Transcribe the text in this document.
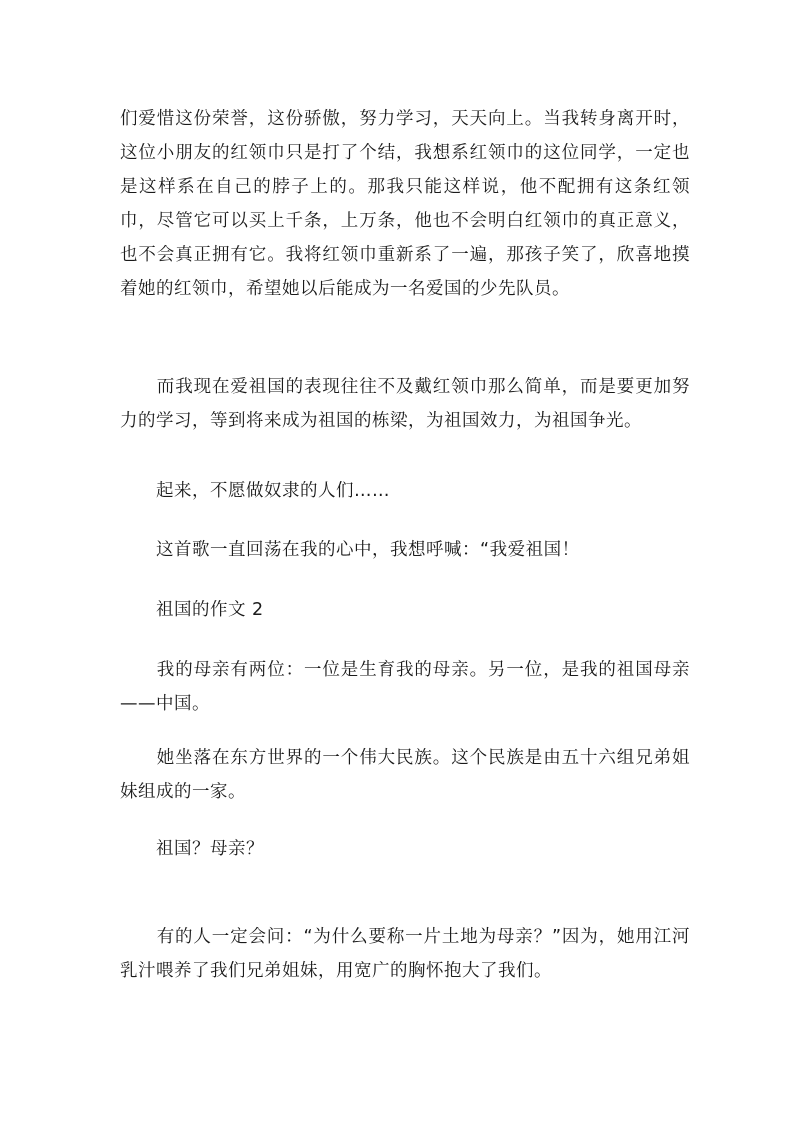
们爱惜这份荣誉，这份骄傲，努力学习，天天向上。当我转身离开时，这位小朋友的红领巾只是打了个结，我想系红领巾的这位同学，一定也是这样系在自己的脖子上的。那我只能这样说，他不配拥有这条红领巾，尽管它可以买上千条，上万条，他也不会明白红领巾的真正意义，也不会真正拥有它。我将红领巾重新系了一遍，那孩子笑了，欣喜地摸着她的红领巾，希望她以后能成为一名爱国的少先队员。

　　而我现在爱祖国的表现往往不及戴红领巾那么简单，而是要更加努力的学习，等到将来成为祖国的栋梁，为祖国效力，为祖国争光。

　　起来，不愿做奴隶的人们……

　　这首歌一直回荡在我的心中，我想呼喊：“我爱祖国！

　　祖国的作文 2

　　我的母亲有两位：一位是生育我的母亲。另一位，是我的祖国母亲——中国。

　　她坐落在东方世界的一个伟大民族。这个民族是由五十六组兄弟姐妹组成的一家。

　　祖国？母亲？

　　有的人一定会问：“为什么要称一片土地为母亲？”因为，她用江河乳汁喂养了我们兄弟姐妹，用宽广的胸怀抱大了我们。
